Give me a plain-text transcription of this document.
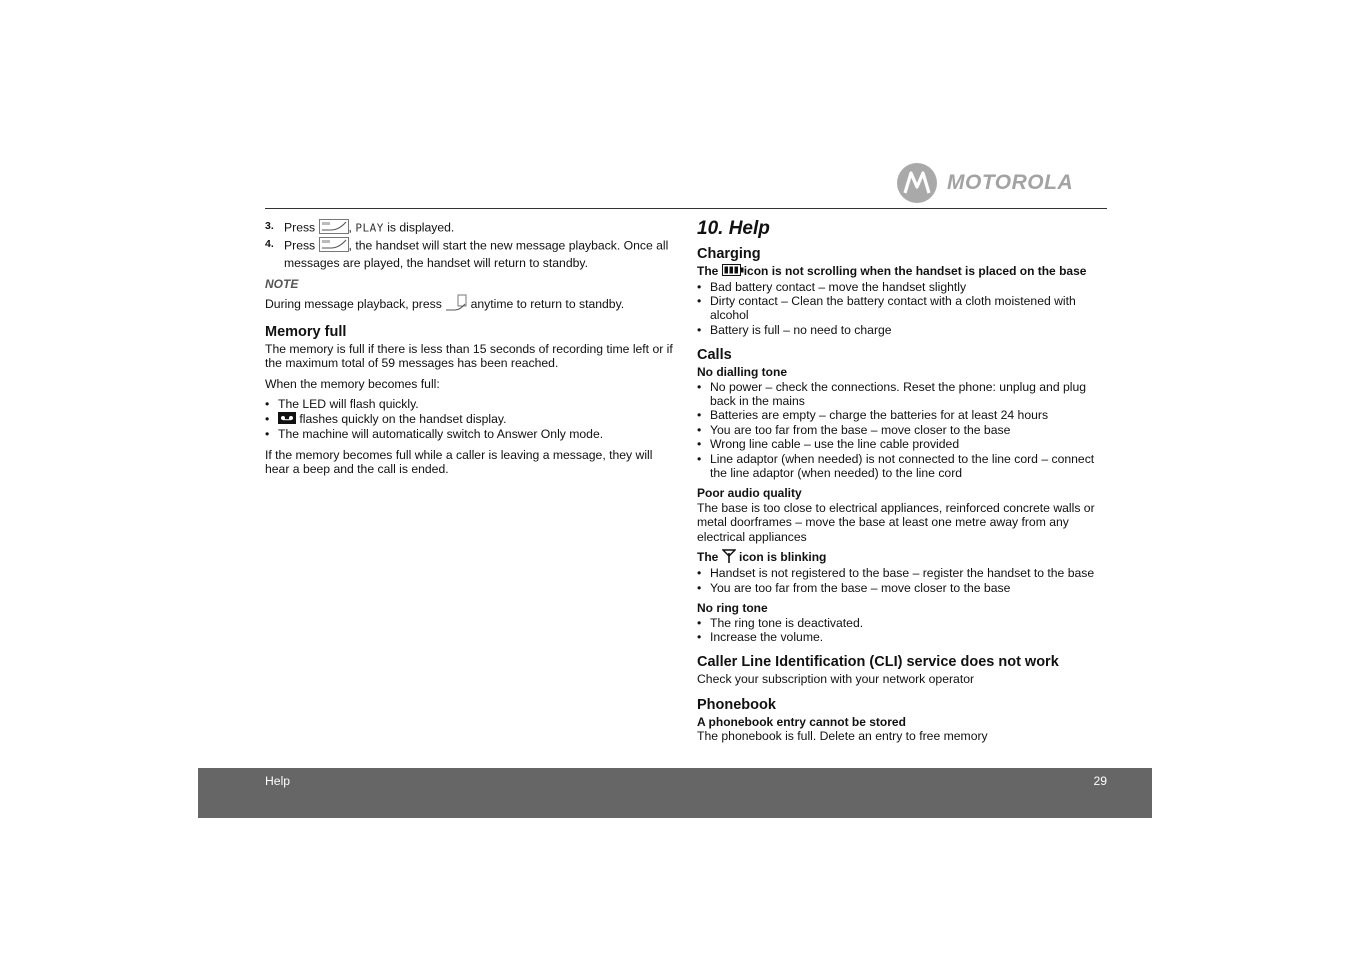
MOTOROLA
3. Press	, PLAY is displayed.
4. Press	, the handset will start the new message playback. Once all messages are played, the handset will return to standby.
NOTE
During message playback, press anytime to return to standby.
Memory full

The memory is full if there is less than 15 seconds of recording time left or if the maximum total of 59 messages has been reached.

When the memory becomes full:

• The LED will flash quickly.
• flashes quickly on the handset display.
• The machine will automatically switch to Answer Only mode.

If the memory becomes full while a caller is leaving a message, they will hear a beep and the call is ended.

10. Help
Charging
The icon is not scrolling when the handset is placed on the base
• Bad battery contact – move the handset slightly
• Dirty contact – Clean the battery contact with a cloth moistened with alcohol
• Battery is full – no need to charge
Calls
No dialling tone
• No power – check the connections. Reset the phone: unplug and plug back in the mains
• Batteries are empty – charge the batteries for at least 24 hours
• You are too far from the base – move closer to the base
• Wrong line cable – use the line cable provided
• Line adaptor (when needed) is not connected to the line cord – connect the line adaptor (when needed) to the line cord
Poor audio quality

The base is too close to electrical appliances, reinforced concrete walls or metal doorframes – move the base at least one metre away from any electrical appliances

The icon is blinking
• Handset is not registered to the base – register the handset to the base
• You are too far from the base – move closer to the base
No ring tone
• The ring tone is deactivated.
• Increase the volume.
Caller Line Identification (CLI) service does not work

Check your subscription with your network operator

Phonebook
A phonebook entry cannot be stored

The phonebook is full. Delete an entry to free memory

Help	29
